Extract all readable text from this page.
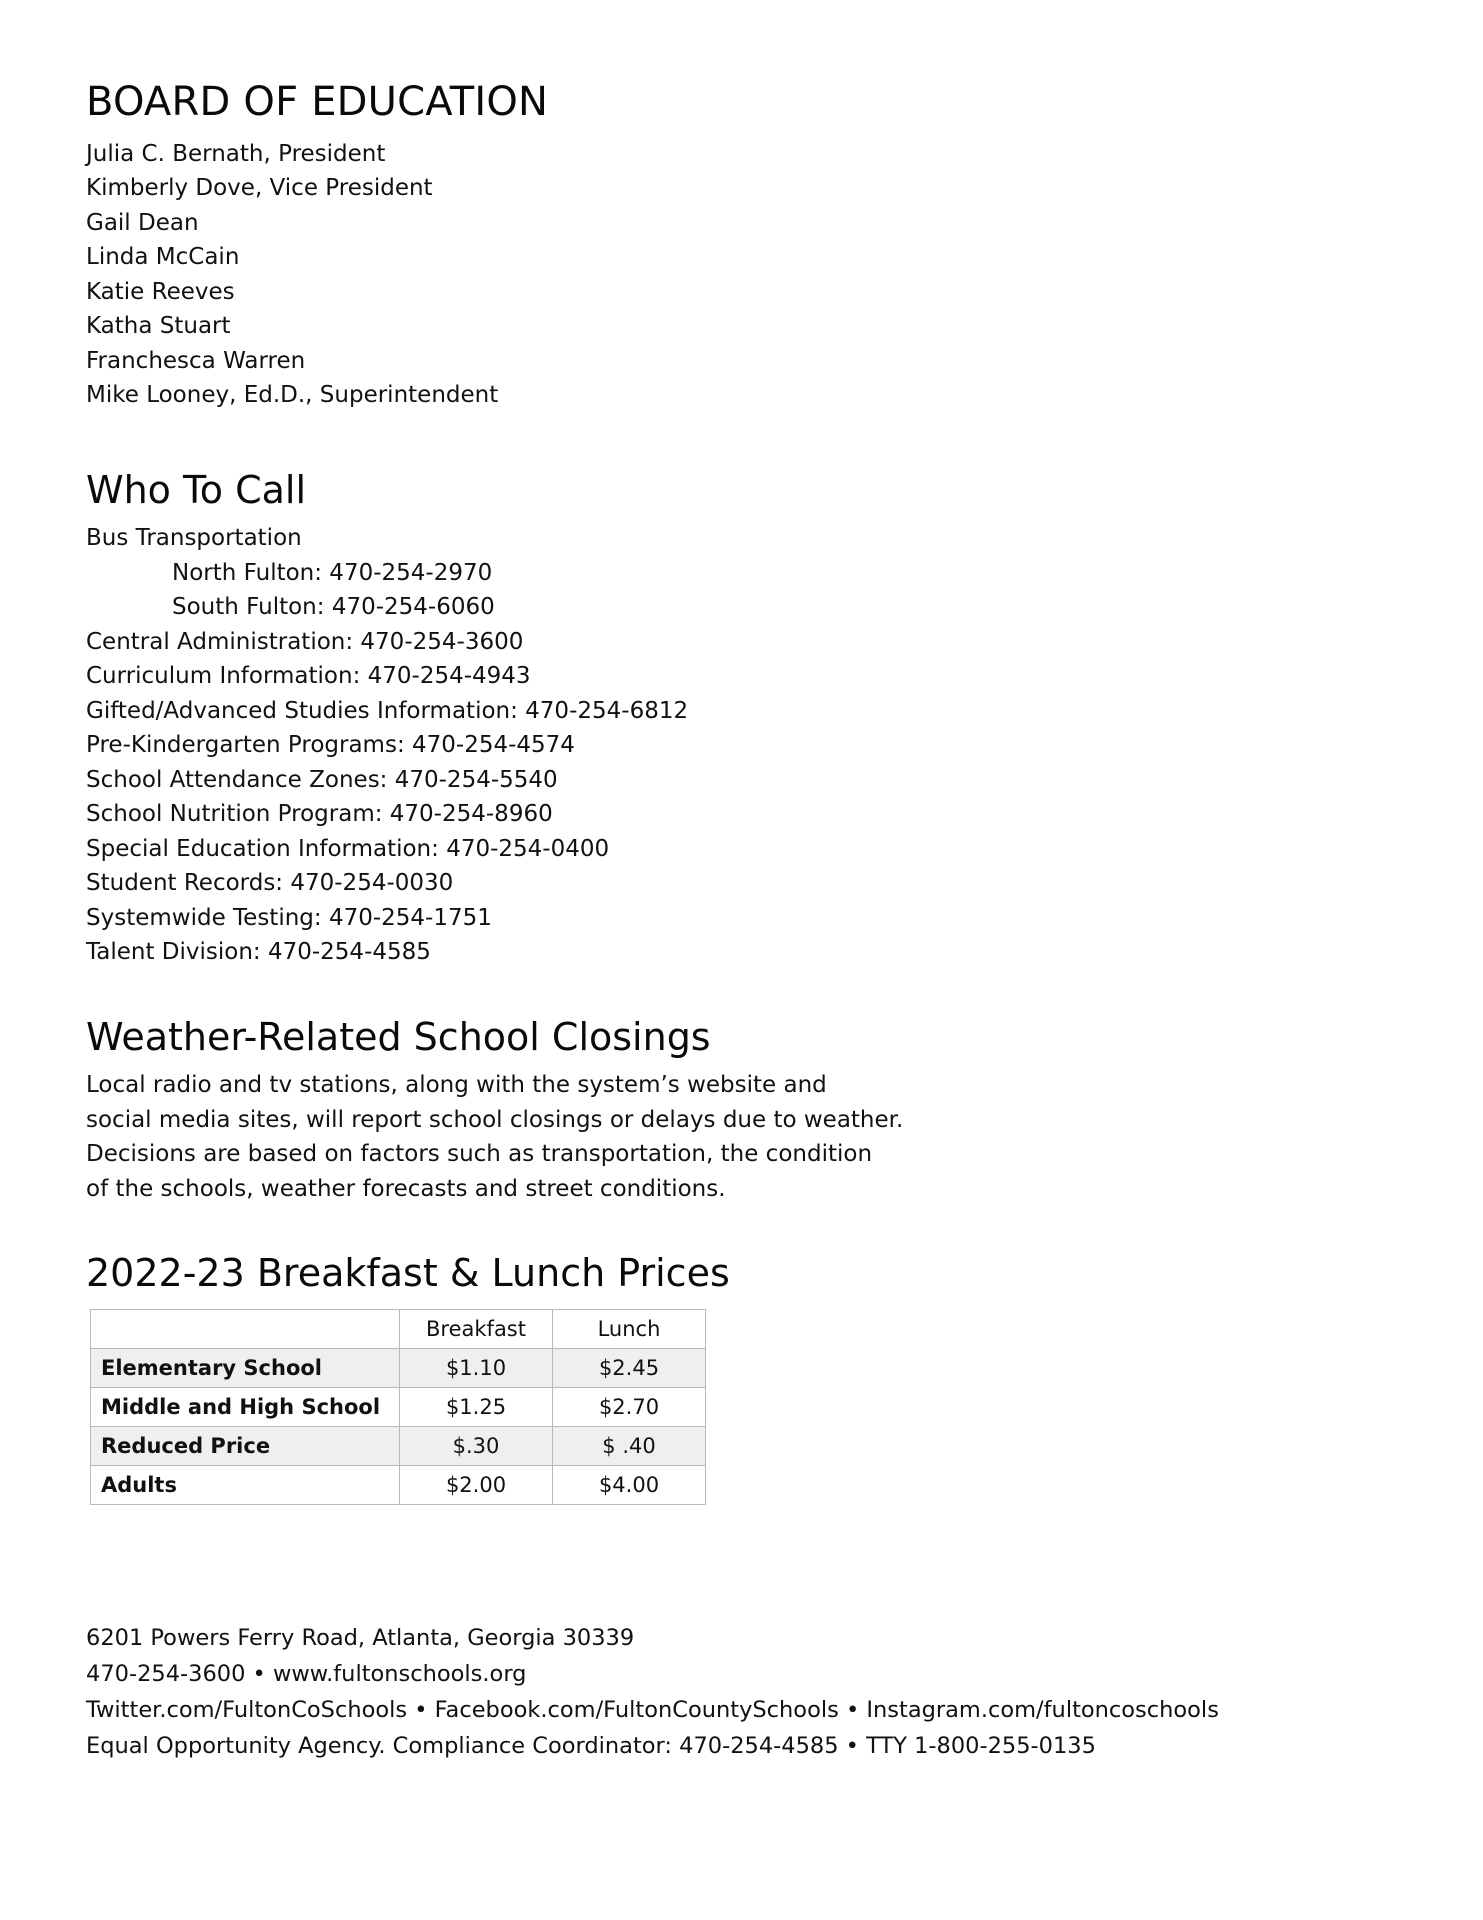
BOARD OF EDUCATION
Julia C. Bernath, President
Kimberly Dove, Vice President
Gail Dean
Linda McCain
Katie Reeves
Katha Stuart
Franchesca Warren
Mike Looney, Ed.D., Superintendent
Who To Call
Bus Transportation
North Fulton: 470-254-2970
South Fulton: 470-254-6060
Central Administration: 470-254-3600
Curriculum Information: 470-254-4943
Gifted/Advanced Studies Information: 470-254-6812
Pre-Kindergarten Programs: 470-254-4574
School Attendance Zones: 470-254-5540
School Nutrition Program: 470-254-8960
Special Education Information: 470-254-0400
Student Records: 470-254-0030
Systemwide Testing: 470-254-1751
Talent Division: 470-254-4585
Weather-Related School Closings
Local radio and tv stations, along with the system’s website and
social media sites, will report school closings or delays due to weather.
Decisions are based on factors such as transportation, the condition
of the schools, weather forecasts and street conditions.
2022-23 Breakfast & Lunch Prices
	Breakfast	Lunch
Elementary School	$1.10	$2.45
Middle and High School	$1.25	$2.70
Reduced Price	$.30	$ .40
Adults	$2.00	$4.00
6201 Powers Ferry Road, Atlanta, Georgia 30339
470-254-3600 • www.fultonschools.org
Twitter.com/FultonCoSchools • Facebook.com/FultonCountySchools • Instagram.com/fultoncoschools
Equal Opportunity Agency. Compliance Coordinator: 470-254-4585 • TTY 1-800-255-0135
